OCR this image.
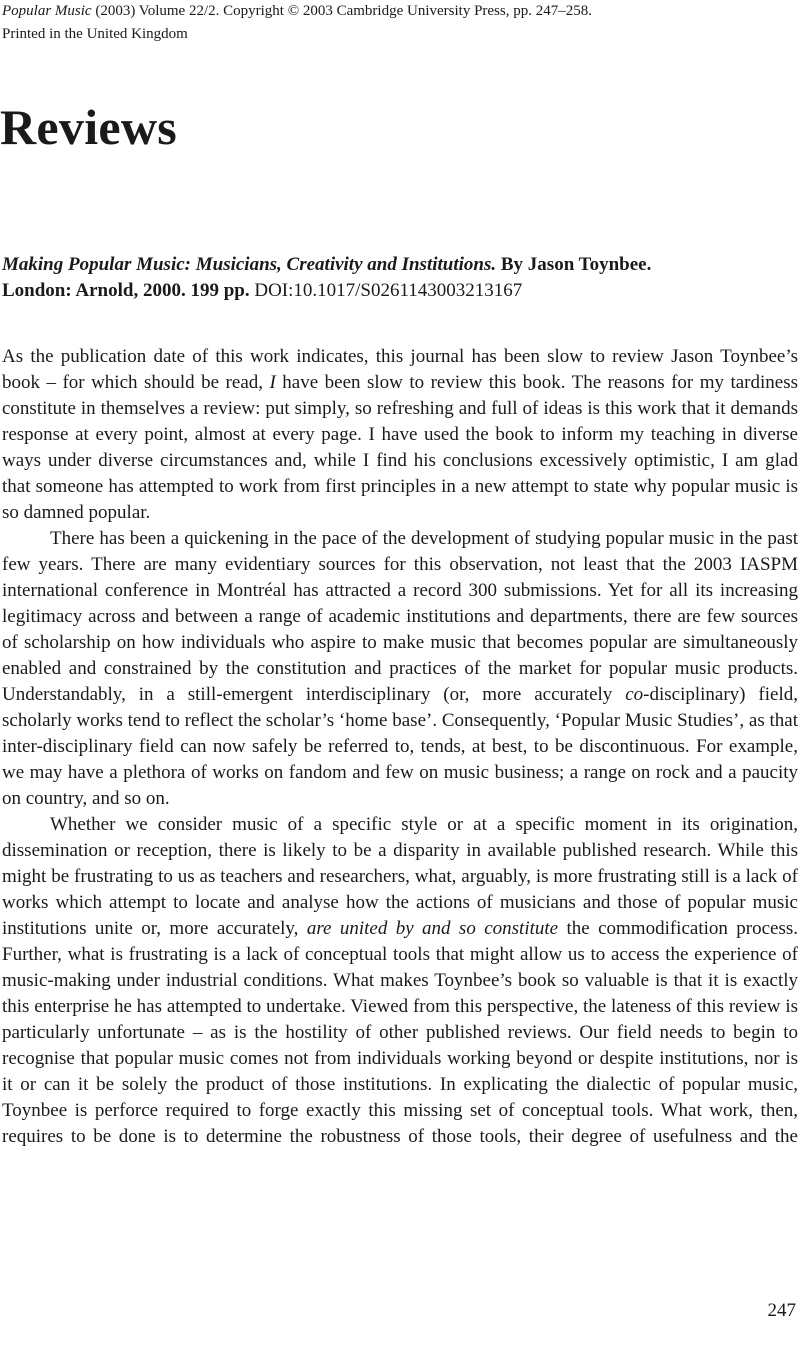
Popular Music (2003) Volume 22/2. Copyright © 2003 Cambridge University Press, pp. 247–258.
Printed in the United Kingdom
Reviews
Making Popular Music: Musicians, Creativity and Institutions. By Jason Toynbee.
London: Arnold, 2000. 199 pp. DOI:10.1017/S0261143003213167

As the publication date of this work indicates, this journal has been slow to review Jason Toynbee’s book – for which should be read, I have been slow to review this book. The reasons for my tardiness constitute in themselves a review: put simply, so refreshing and full of ideas is this work that it demands response at every point, almost at every page. I have used the book to inform my teaching in diverse ways under diverse circumstances and, while I find his conclusions excessively optimistic, I am glad that someone has attempted to work from first principles in a new attempt to state why popular music is so damned popular.

There has been a quickening in the pace of the development of studying popular music in the past few years. There are many evidentiary sources for this observation, not least that the 2003 IASPM international conference in Montréal has attracted a record 300 submissions. Yet for all its increasing legitimacy across and between a range of academic institutions and departments, there are few sources of scholarship on how individuals who aspire to make music that becomes popular are simultaneously enabled and constrained by the constitution and practices of the market for popular music products. Understandably, in a still-emergent interdisciplinary (or, more accurately co-disciplinary) field, scholarly works tend to reflect the scholar’s ‘home base’. Consequently, ‘Popular Music Studies’, as that inter-disciplinary field can now safely be referred to, tends, at best, to be discontinuous. For example, we may have a plethora of works on fandom and few on music business; a range on rock and a paucity on country, and so on.

Whether we consider music of a specific style or at a specific moment in its origination, dissemination or reception, there is likely to be a disparity in available published research. While this might be frustrating to us as teachers and researchers, what, arguably, is more frustrating still is a lack of works which attempt to locate and analyse how the actions of musicians and those of popular music institutions unite or, more accurately, are united by and so constitute the commodification process. Further, what is frustrating is a lack of conceptual tools that might allow us to access the experience of music-making under industrial conditions. What makes Toynbee’s book so valuable is that it is exactly this enterprise he has attempted to undertake. Viewed from this perspective, the lateness of this review is particularly unfortunate – as is the hostility of other published reviews. Our field needs to begin to recognise that popular music comes not from individuals working beyond or despite institutions, nor is it or can it be solely the product of those institutions. In explicating the dialectic of popular music, Toynbee is perforce required to forge exactly this missing set of conceptual tools. What work, then, requires to be done is to determine the robustness of those tools, their degree of usefulness and the

247
